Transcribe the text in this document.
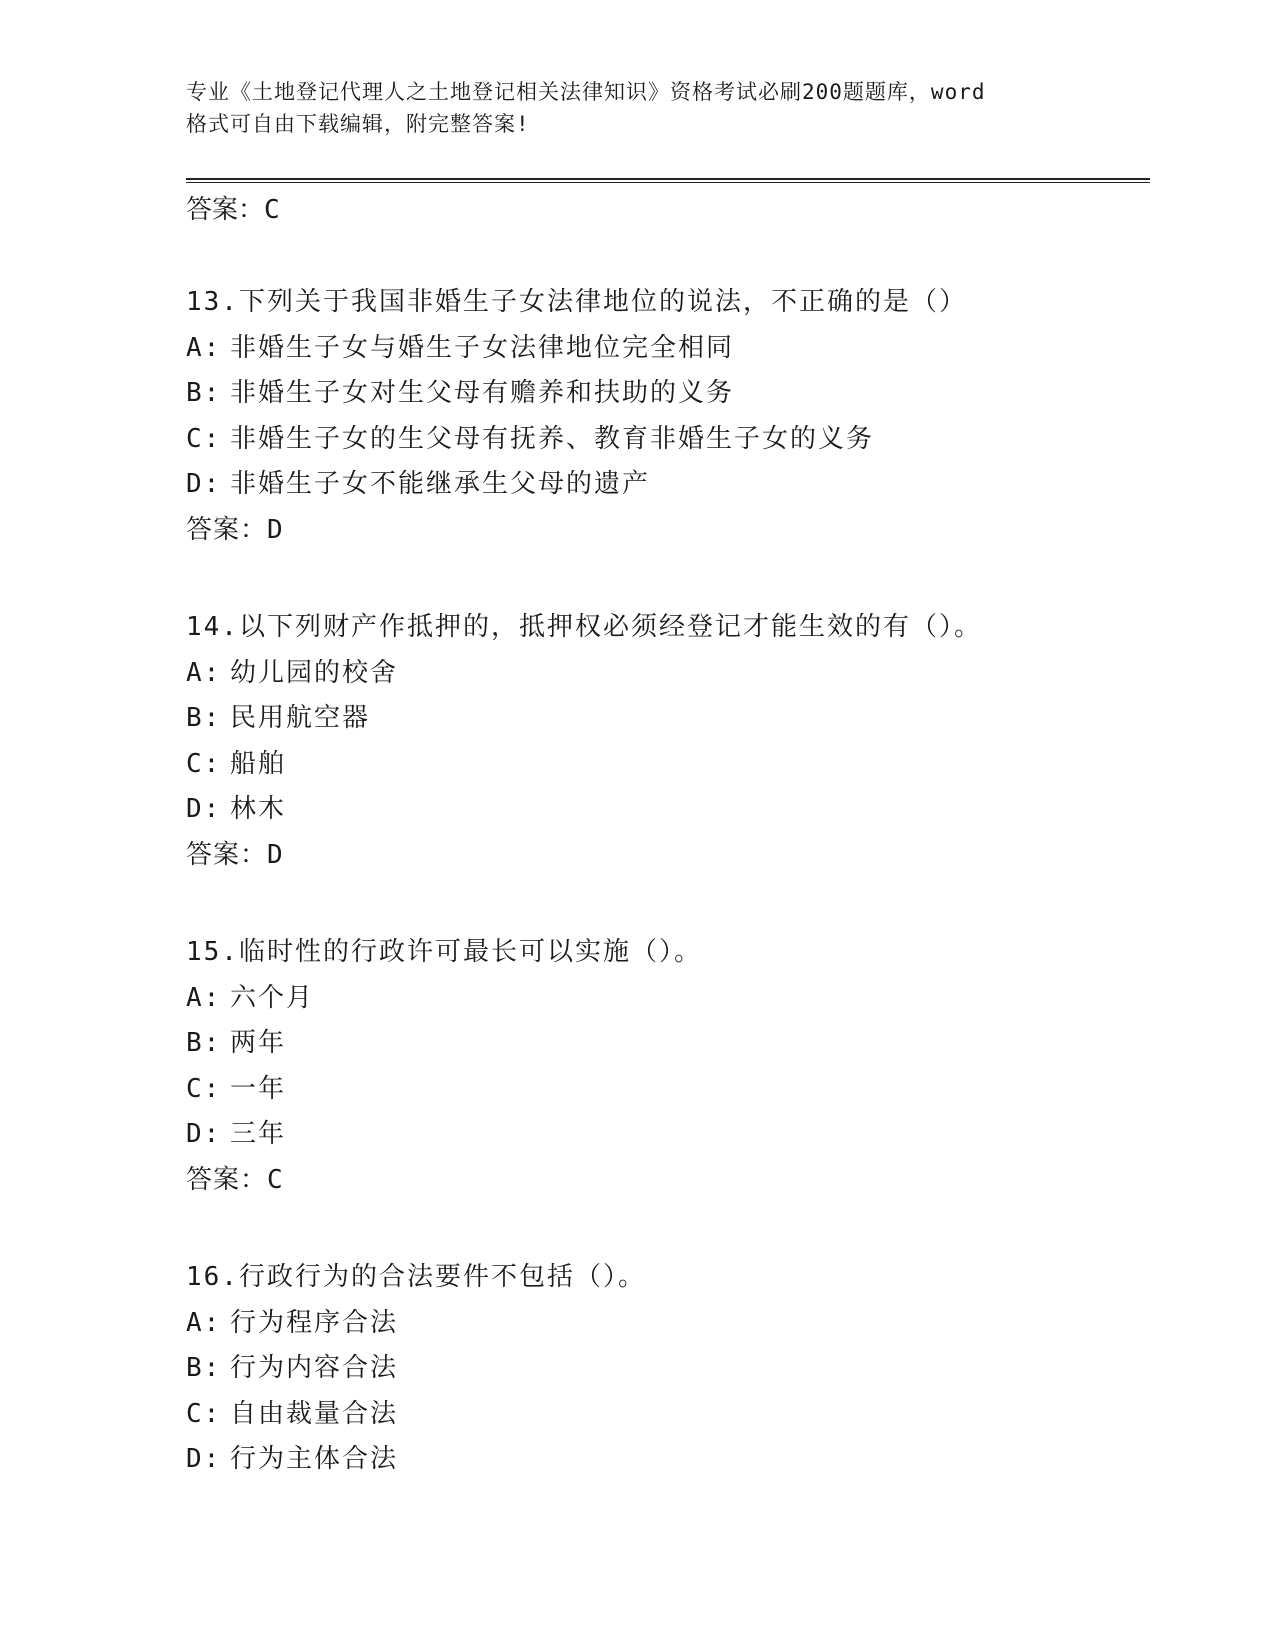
专业《土地登记代理人之土地登记相关法律知识》资格考试必刷200题题库，word
格式可自由下载编辑，附完整答案!
答案：C
13.下列关于我国非婚生子女法律地位的说法，不正确的是（）
A: 非婚生子女与婚生子女法律地位完全相同
B: 非婚生子女对生父母有赡养和扶助的义务
C: 非婚生子女的生父母有抚养、教育非婚生子女的义务
D: 非婚生子女不能继承生父母的遗产
答案：D
14.以下列财产作抵押的，抵押权必须经登记才能生效的有（）。
A: 幼儿园的校舍
B: 民用航空器
C: 船舶
D: 林木
答案：D
15.临时性的行政许可最长可以实施（）。
A: 六个月
B: 两年
C: 一年
D: 三年
答案：C
16.行政行为的合法要件不包括（）。
A: 行为程序合法
B: 行为内容合法
C: 自由裁量合法
D: 行为主体合法
